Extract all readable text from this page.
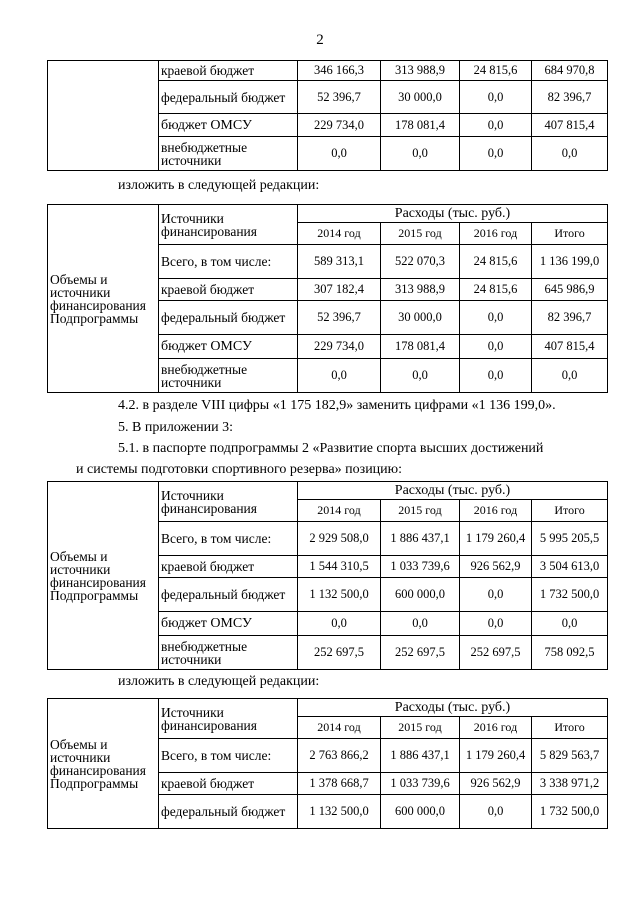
2
	краевой бюджет	346 166,3	313 988,9	24 815,6	684 970,8
	федеральный бюджет	52 396,7	30 000,0	0,0	82 396,7
	бюджет ОМСУ	229 734,0	178 081,4	0,0	407 815,4
	внебюджетные источники	0,0	0,0	0,0	0,0
изложить в следующей редакции:
Объемы и источники финансирования Подпрограммы	Источники финансирования	Расходы (тыс. руб.)			
		2014 год	2015 год	2016 год	Итого
	Всего, в том числе:	589 313,1	522 070,3	24 815,6	1 136 199,0
	краевой бюджет	307 182,4	313 988,9	24 815,6	645 986,9
	федеральный бюджет	52 396,7	30 000,0	0,0	82 396,7
	бюджет ОМСУ	229 734,0	178 081,4	0,0	407 815,4
	внебюджетные источники	0,0	0,0	0,0	0,0
4.2. в разделе VIII цифры «1 175 182,9» заменить цифрами «1 136 199,0».
5. В приложении 3:
5.1. в паспорте подпрограммы 2 «Развитие спорта высших достижений
и системы подготовки спортивного резерва» позицию:
Объемы и источники финансирования Подпрограммы	Источники финансирования	Расходы (тыс. руб.)			
		2014 год	2015 год	2016 год	Итого
	Всего, в том числе:	2 929 508,0	1 886 437,1	1 179 260,4	5 995 205,5
	краевой бюджет	1 544 310,5	1 033 739,6	926 562,9	3 504 613,0
	федеральный бюджет	1 132 500,0	600 000,0	0,0	1 732 500,0
	бюджет ОМСУ	0,0	0,0	0,0	0,0
	внебюджетные источники	252 697,5	252 697,5	252 697,5	758 092,5
изложить в следующей редакции:
Объемы и источники финансирования Подпрограммы	Источники финансирования	Расходы (тыс. руб.)			
		2014 год	2015 год	2016 год	Итого
	Всего, в том числе:	2 763 866,2	1 886 437,1	1 179 260,4	5 829 563,7
	краевой бюджет	1 378 668,7	1 033 739,6	926 562,9	3 338 971,2
	федеральный бюджет	1 132 500,0	600 000,0	0,0	1 732 500,0
